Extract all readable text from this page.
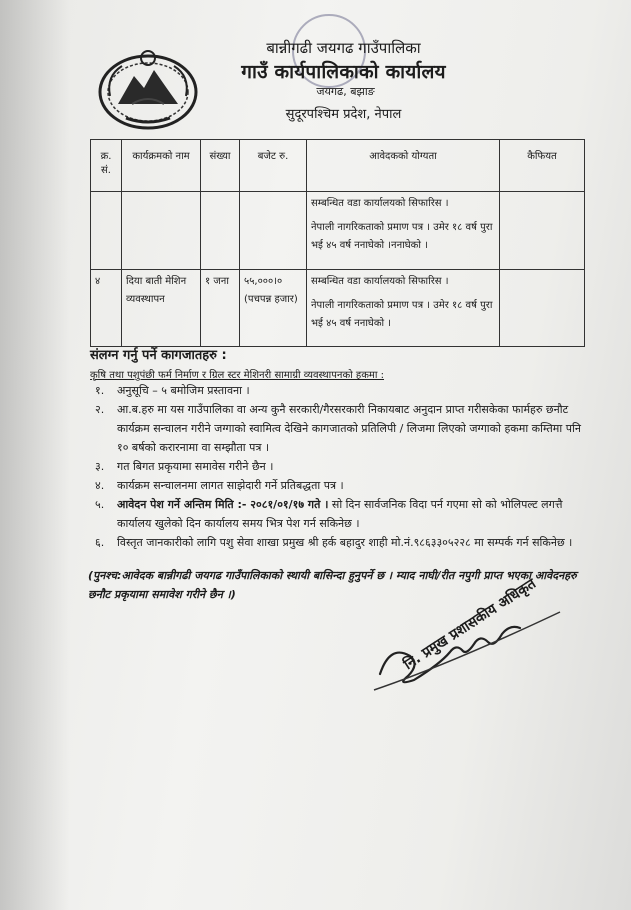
बान्नीगढी जयगढ गाउँपालिका
गाउँ कार्यपालिकाको कार्यालय
जयगढ, बझाङ
सुदूरपश्चिम प्रदेश, नेपाल
क्र. सं.	कार्यक्रमको नाम	संख्या	बजेट रु.	आवेदकको योग्यता	कैफियत

				सम्बन्धित वडा कार्यालयको सिफारिस ।

नेपाली नागरिकताको प्रमाण पत्र । उमेर १८ वर्ष पुरा भई ४५ वर्ष ननाघेको ।ननाघेको ।	

४	दिया बाती मेशिन व्यवस्थापन	१ जना	५५,०००।० (पचपन्न हजार)	सम्बन्धित वडा कार्यालयको सिफारिस ।

नेपाली नागरिकताको प्रमाण पत्र । उमेर १८ वर्ष पुरा भई ४५ वर्ष ननाघेको ।	

संलग्न गर्नु पर्ने कागजातहरु :
कृषि तथा पशुपंछी फर्म निर्माण र ग्रिल स्टर मेशिनरी सामाग्री व्यवस्थापनको हकमा :
१. अनुसूचि – ५ बमोजिम प्रस्तावना ।
२. आ.ब.हरु मा यस गाउँपालिका वा अन्य कुनै सरकारी/गैरसरकारी निकायबाट अनुदान प्राप्त गरीसकेका फार्महरु छनौट कार्यक्रम सन्चालन गरीने जग्गाको स्वामित्व देखिने कागजातको प्रतिलिपी / लिजमा लिएको जग्गाको हकमा कम्तिमा पनि १० बर्षको करारनामा वा सम्झौता पत्र ।
३. गत बिगत प्रकृयामा समावेस गरीने छैन ।
४. कार्यक्रम सन्चालनमा लागत साझेदारी गर्ने प्रतिबद्धता पत्र ।
५. आवेदन पेश गर्ने अन्तिम मिति :- २०८१/०१/१७ गते । सो दिन सार्वजनिक विदा पर्न गएमा सो को भोलिपल्ट लगत्तै कार्यालय खुलेको दिन कार्यालय समय भित्र पेश गर्न सकिनेछ ।
६. विस्तृत जानकारीको लागि पशु सेवा शाखा प्रमुख श्री हर्क बहादुर शाही मो.नं.९८६३३०५२२८ मा सम्पर्क गर्न सकिनेछ ।
(पुनश्च:आवेदक बान्नीगढी जयगढ गाउँपालिकाको स्थायी बासिन्दा हुनुपर्ने छ । म्याद नाघी/रीत नपुगी प्राप्त भएका आवेदनहरु छनौट प्रकृयामा समावेश गरीने छैन ।)	नि. प्रमुख प्रशासकीय अधिकृत
